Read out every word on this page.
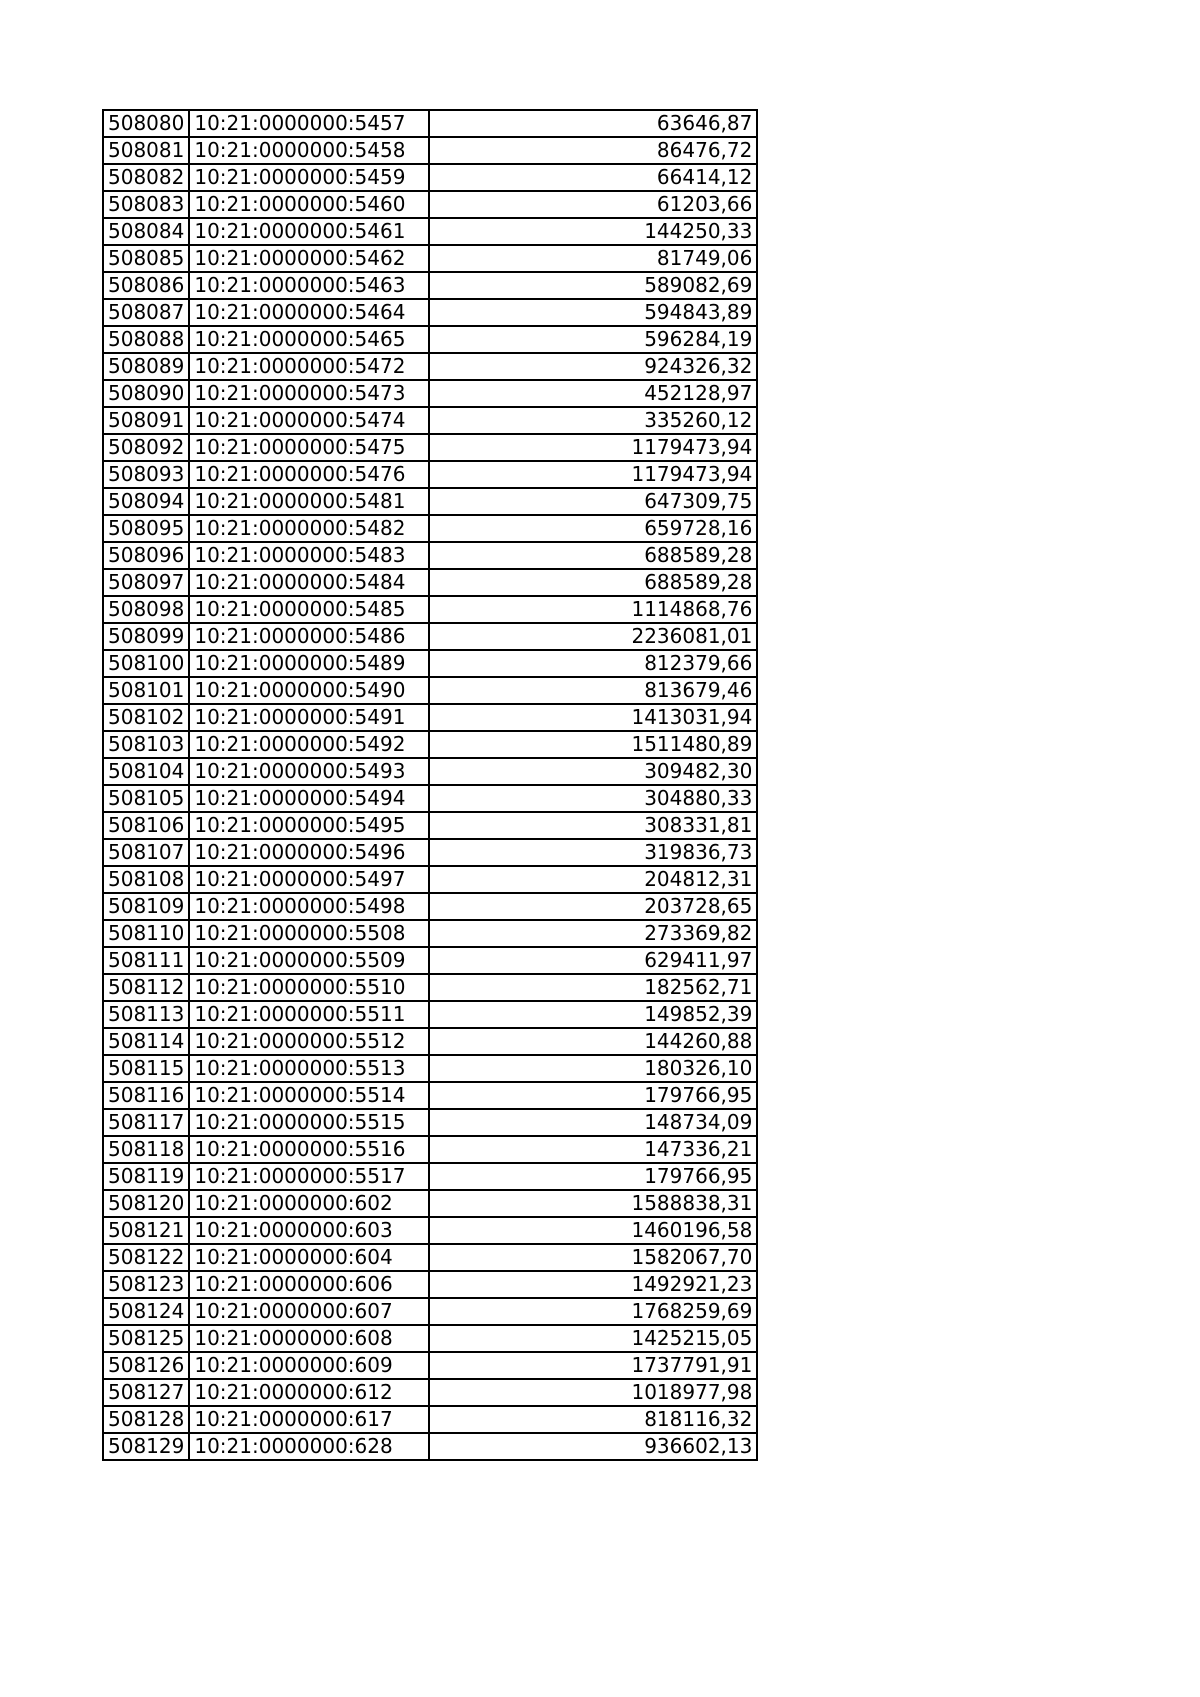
508080	10:21:0000000:5457	63646,87
508081	10:21:0000000:5458	86476,72
508082	10:21:0000000:5459	66414,12
508083	10:21:0000000:5460	61203,66
508084	10:21:0000000:5461	144250,33
508085	10:21:0000000:5462	81749,06
508086	10:21:0000000:5463	589082,69
508087	10:21:0000000:5464	594843,89
508088	10:21:0000000:5465	596284,19
508089	10:21:0000000:5472	924326,32
508090	10:21:0000000:5473	452128,97
508091	10:21:0000000:5474	335260,12
508092	10:21:0000000:5475	1179473,94
508093	10:21:0000000:5476	1179473,94
508094	10:21:0000000:5481	647309,75
508095	10:21:0000000:5482	659728,16
508096	10:21:0000000:5483	688589,28
508097	10:21:0000000:5484	688589,28
508098	10:21:0000000:5485	1114868,76
508099	10:21:0000000:5486	2236081,01
508100	10:21:0000000:5489	812379,66
508101	10:21:0000000:5490	813679,46
508102	10:21:0000000:5491	1413031,94
508103	10:21:0000000:5492	1511480,89
508104	10:21:0000000:5493	309482,30
508105	10:21:0000000:5494	304880,33
508106	10:21:0000000:5495	308331,81
508107	10:21:0000000:5496	319836,73
508108	10:21:0000000:5497	204812,31
508109	10:21:0000000:5498	203728,65
508110	10:21:0000000:5508	273369,82
508111	10:21:0000000:5509	629411,97
508112	10:21:0000000:5510	182562,71
508113	10:21:0000000:5511	149852,39
508114	10:21:0000000:5512	144260,88
508115	10:21:0000000:5513	180326,10
508116	10:21:0000000:5514	179766,95
508117	10:21:0000000:5515	148734,09
508118	10:21:0000000:5516	147336,21
508119	10:21:0000000:5517	179766,95
508120	10:21:0000000:602	1588838,31
508121	10:21:0000000:603	1460196,58
508122	10:21:0000000:604	1582067,70
508123	10:21:0000000:606	1492921,23
508124	10:21:0000000:607	1768259,69
508125	10:21:0000000:608	1425215,05
508126	10:21:0000000:609	1737791,91
508127	10:21:0000000:612	1018977,98
508128	10:21:0000000:617	818116,32
508129	10:21:0000000:628	936602,13
